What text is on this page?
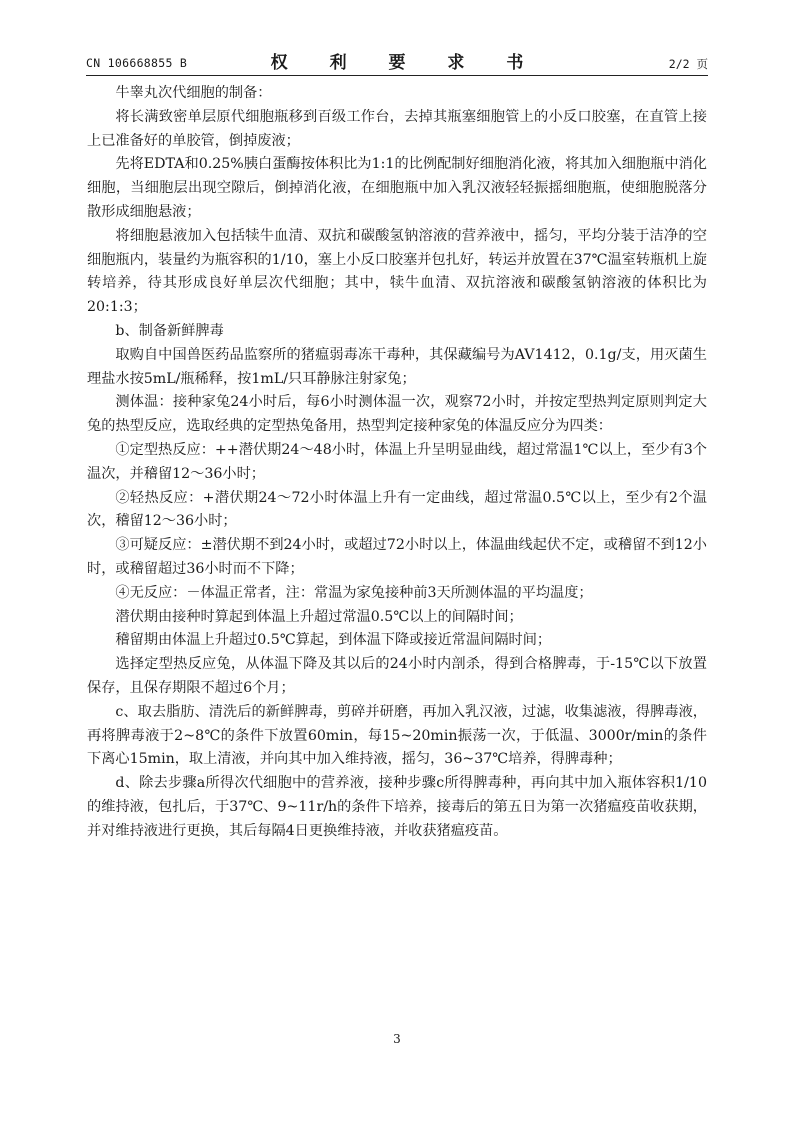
CN 106668855 B	权 利 要 求 书	2/2 页

牛睾丸次代细胞的制备：

将长满致密单层原代细胞瓶移到百级工作台，去掉其瓶塞细胞管上的小反口胶塞，在直管上接上已准备好的单胶管，倒掉废液；

先将EDTA和0.25%胰白蛋酶按体积比为1:1的比例配制好细胞消化液，将其加入细胞瓶中消化细胞，当细胞层出现空隙后，倒掉消化液，在细胞瓶中加入乳汉液轻轻振摇细胞瓶，使细胞脱落分散形成细胞悬液；

将细胞悬液加入包括犊牛血清、双抗和碳酸氢钠溶液的营养液中，摇匀，平均分装于洁净的空细胞瓶内，装量约为瓶容积的1/10，塞上小反口胶塞并包扎好，转运并放置在37℃温室转瓶机上旋转培养，待其形成良好单层次代细胞；其中，犊牛血清、双抗溶液和碳酸氢钠溶液的体积比为20:1:3；

b、制备新鲜脾毒

取购自中国兽医药品监察所的猪瘟弱毒冻干毒种，其保藏编号为AV1412，0.1g/支，用灭菌生理盐水按5mL/瓶稀释，按1mL/只耳静脉注射家兔；

测体温：接种家兔24小时后，每6小时测体温一次，观察72小时，并按定型热判定原则判定大兔的热型反应，选取经典的定型热兔备用，热型判定接种家兔的体温反应分为四类：

①定型热反应：++潜伏期24～48小时，体温上升呈明显曲线，超过常温1℃以上，至少有3个温次，并稽留12～36小时；

②轻热反应：+潜伏期24～72小时体温上升有一定曲线，超过常温0.5℃以上，至少有2个温次，稽留12～36小时；

③可疑反应：±潜伏期不到24小时，或超过72小时以上，体温曲线起伏不定，或稽留不到12小时，或稽留超过36小时而不下降；

④无反应：－体温正常者，注：常温为家兔接种前3天所测体温的平均温度；

潜伏期由接种时算起到体温上升超过常温0.5℃以上的间隔时间；

稽留期由体温上升超过0.5℃算起，到体温下降或接近常温间隔时间；

选择定型热反应兔，从体温下降及其以后的24小时内剖杀，得到合格脾毒，于-15℃以下放置保存，且保存期限不超过6个月；

c、取去脂肪、清洗后的新鲜脾毒，剪碎并研磨，再加入乳汉液，过滤，收集滤液，得脾毒液，再将脾毒液于2~8℃的条件下放置60min，每15~20min振荡一次，于低温、3000r/min的条件下离心15min，取上清液，并向其中加入维持液，摇匀，36~37℃培养，得脾毒种；

d、除去步骤a所得次代细胞中的营养液，接种步骤c所得脾毒种，再向其中加入瓶体容积1/10的维持液，包扎后，于37℃、9~11r/h的条件下培养，接毒后的第五日为第一次猪瘟疫苗收获期，并对维持液进行更换，其后每隔4日更换维持液，并收获猪瘟疫苗。

3
